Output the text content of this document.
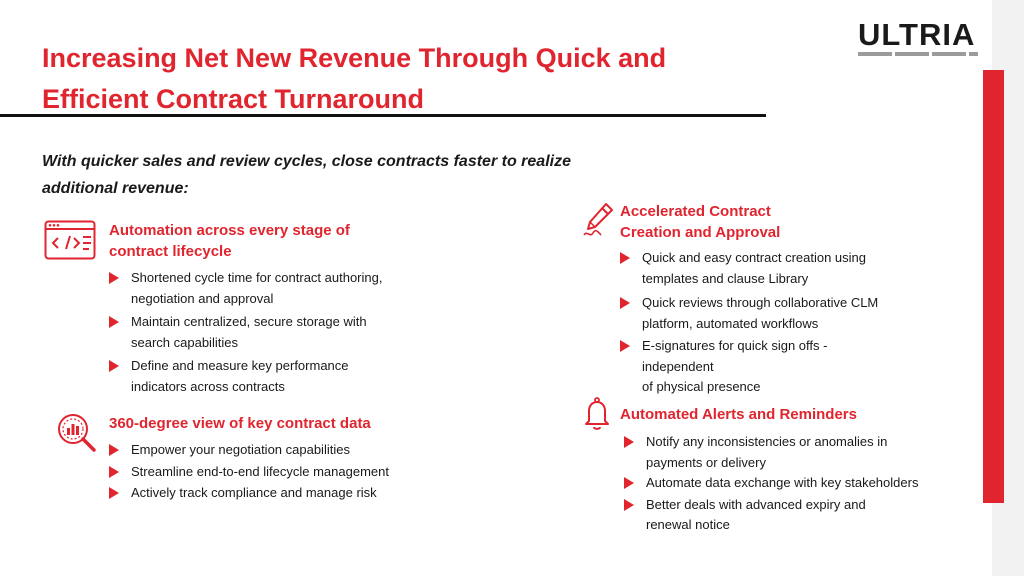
ULTRIA
Increasing Net New Revenue Through Quick and Efficient Contract Turnaround
With quicker sales and review cycles, close contracts faster to realize additional revenue:
Automation across every stage of contract lifecycle
Shortened cycle time for contract authoring, negotiation and approval
Maintain centralized, secure storage with search capabilities
Define and measure key performance indicators across contracts
360-degree view of key contract data
Empower your negotiation capabilities
Streamline end-to-end lifecycle management
Actively track compliance and manage risk
Accelerated Contract Creation and Approval
Quick and easy contract creation using templates and clause Library
Quick reviews through collaborative CLM platform, automated workflows
E-signatures for quick sign offs - independent
of physical presence
Automated Alerts and Reminders
Notify any inconsistencies or anomalies in payments or delivery
Automate data exchange with key stakeholders
Better deals with advanced expiry and renewal notice
